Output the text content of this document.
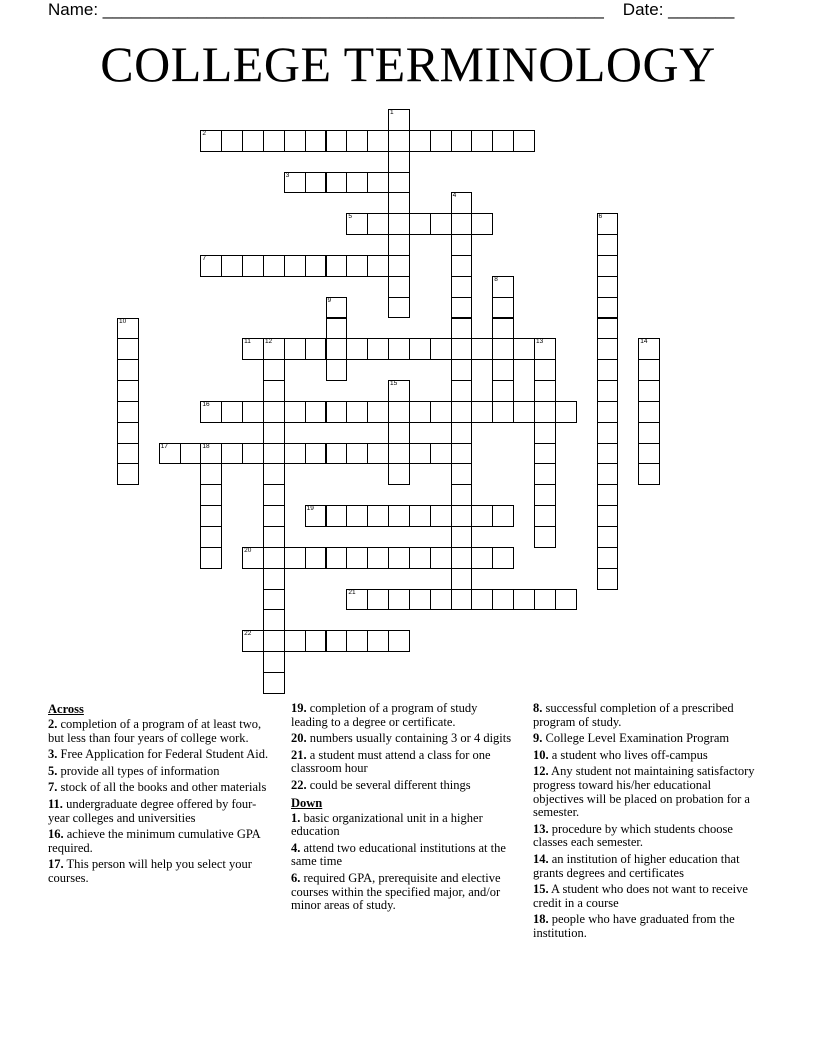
Name: _____________________________________________________ Date: _______
COLLEGE TERMINOLOGY
1
2
3
4
5	6
7
8
9
10
11 12	13	14
15
16
17	18
19
20
21
22
Across
2. completion of a program of at least two, but less than four years of college work.
3. Free Application for Federal Student Aid.
5. provide all types of information
7. stock of all the books and other materials
11. undergraduate degree offered by four-year colleges and universities
16. achieve the minimum cumulative GPA required.
17. This person will help you select your courses.
19. completion of a program of study leading to a degree or certificate.
20. numbers usually containing 3 or 4 digits
21. a student must attend a class for one classroom hour
22. could be several different things
Down
1. basic organizational unit in a higher education
4. attend two educational institutions at the same time
6. required GPA, prerequisite and elective courses within the specified major, and/or minor areas of study.
8. successful completion of a prescribed program of study.
9. College Level Examination Program
10. a student who lives off-campus
12. Any student not maintaining satisfactory progress toward his/her educational objectives will be placed on probation for a semester.
13. procedure by which students choose classes each semester.
14. an institution of higher education that grants degrees and certificates
15. A student who does not want to receive credit in a course
18. people who have graduated from the institution.
